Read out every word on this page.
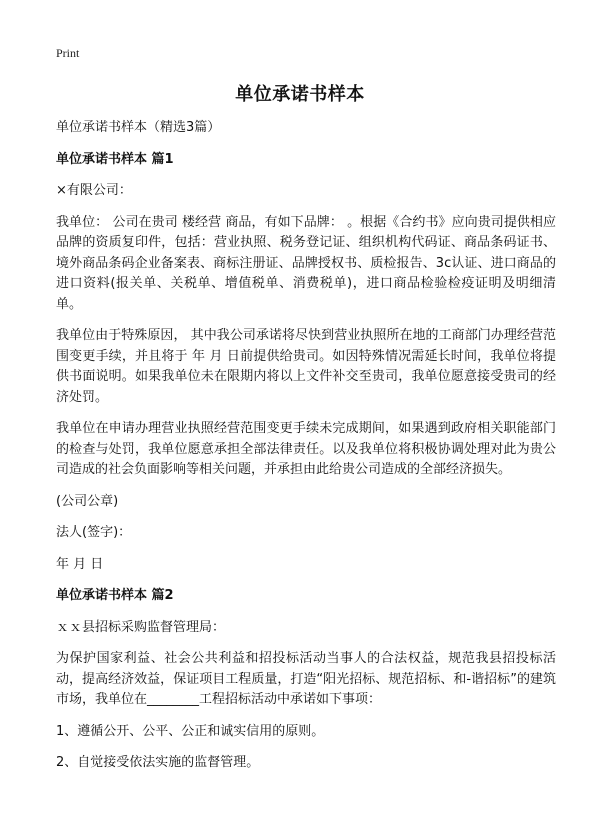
Print
单位承诺书样本

单位承诺书样本（精选3篇）

单位承诺书样本 篇1

×有限公司：

我单位： 公司在贵司 楼经营 商品，有如下品牌： 。根据《合约书》应向贵司提供相应品牌的资质复印件，包括：营业执照、税务登记证、组织机构代码证、商品条码证书、境外商品条码企业备案表、商标注册证、品牌授权书、质检报告、3c认证、进口商品的进口资料(报关单、关税单、增值税单、消费税单)，进口商品检验检疫证明及明细清单。

我单位由于特殊原因， 其中我公司承诺将尽快到营业执照所在地的工商部门办理经营范围变更手续，并且将于 年 月 日前提供给贵司。如因特殊情况需延长时间，我单位将提供书面说明。如果我单位未在限期内将以上文件补交至贵司，我单位愿意接受贵司的经济处罚。

我单位在申请办理营业执照经营范围变更手续未完成期间，如果遇到政府相关职能部门的检查与处罚，我单位愿意承担全部法律责任。以及我单位将积极协调处理对此为贵公司造成的社会负面影响等相关问题，并承担由此给贵公司造成的全部经济损失。

(公司公章)

法人(签字)：

年 月 日

单位承诺书样本 篇2

ｘｘ县招标采购监督管理局：

为保护国家利益、社会公共利益和招投标活动当事人的合法权益，规范我县招投标活动，提高经济效益，保证项目工程质量，打造“阳光招标、规范招标、和-谐招标”的建筑市场，我单位在________工程招标活动中承诺如下事项：

1、遵循公开、公平、公正和诚实信用的原则。

2、自觉接受依法实施的监督管理。
